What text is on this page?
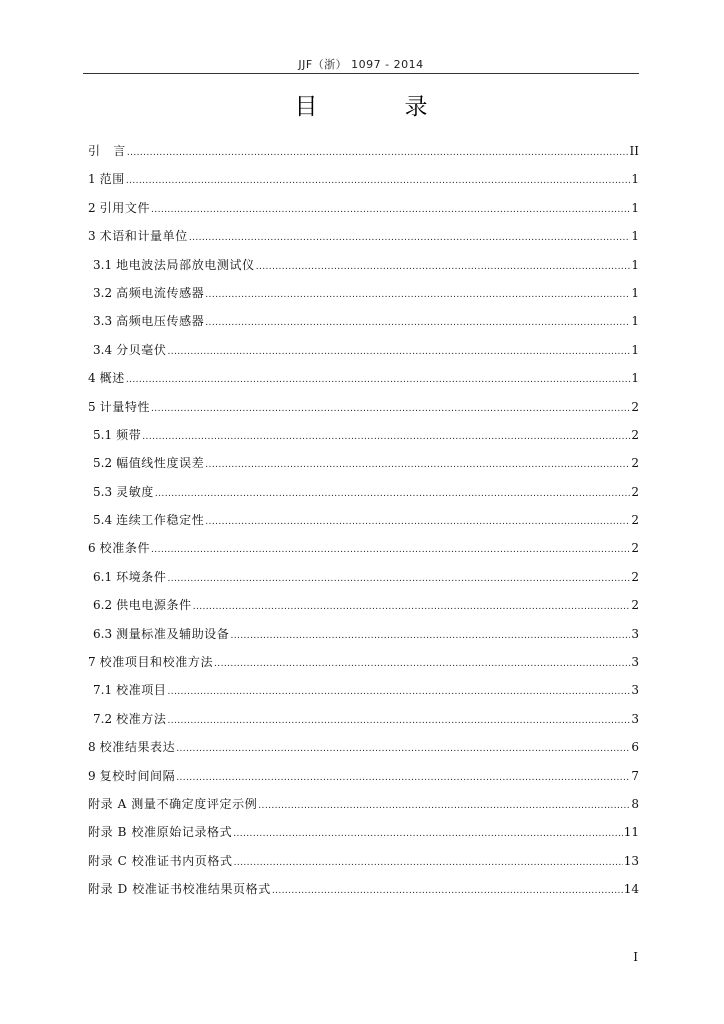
JJF（浙） 1097 - 2014
目　录
引　言 .....	II
1 范围 .....	1
2 引用文件 .....	1
3 术语和计量单位 .....	1
3.1 地电波法局部放电测试仪 .....	1
3.2 高频电流传感器 .....	1
3.3 高频电压传感器 .....	1
3.4 分贝毫伏 .....	1
4 概述 .....	1
5 计量特性 .....	2
5.1 频带 .....	2
5.2 幅值线性度误差 .....	2
5.3 灵敏度 .....	2
5.4 连续工作稳定性 .....	2
6 校准条件 .....	2
6.1 环境条件 .....	2
6.2 供电电源条件 .....	2
6.3 测量标准及辅助设备 .....	3
7 校准项目和校准方法 .....	3
7.1 校准项目 .....	3
7.2 校准方法 .....	3
8 校准结果表达 .....	6
9 复校时间间隔 .....	7
附录 A 测量不确定度评定示例 .....	8
附录 B 校准原始记录格式 .....	11
附录 C 校准证书内页格式 .....	13
附录 D 校准证书校准结果页格式 .....	14
I
